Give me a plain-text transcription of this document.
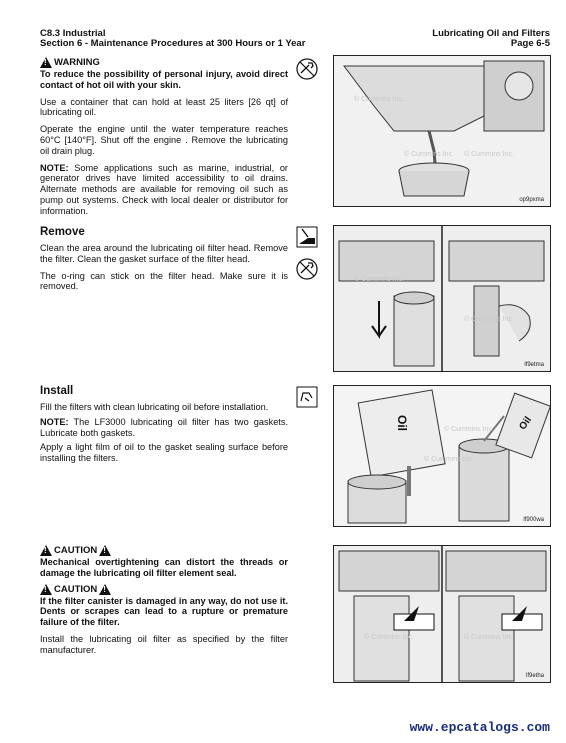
C8.3 Industrial
Section 6 - Maintenance Procedures at 300 Hours or 1 Year
Lubricating Oil and Filters
Page 6-5
!
WARNING
To reduce the possibility of personal injury, avoid direct contact of hot oil with your skin.
Use a container that can hold at least 25 liters [26 qt] of lubricating oil.
Operate the engine until the water temperature reaches 60°C [140°F]. Shut off the engine . Remove the lubricating oil drain plug.
NOTE: Some applications such as marine, industrial, or generator drives have limited accessibility to oil drains. Alternate methods are available for removing oil such as pump out systems. Check with local dealer or distributor for information.
© Cummins Inc.
© Cummins Inc. © Cummins Inc.
op9pxma
Remove
Clean the area around the lubricating oil filter head. Remove the filter. Clean the gasket surface of the filter head.
The o-ring can stick on the filter head. Make sure it is removed.
© Cummins Inc.
© Cummins Inc.
lf9etma
Install
Fill the filters with clean lubricating oil before installation.
NOTE: The LF3000 lubricating oil filter has two gaskets. Lubricate both gaskets.
Apply a light film of oil to the gasket sealing surface before installing the filters.
Oil	Oil
© Cummins Inc.
© Cummins Inc.
lf900wa
!
CAUTION
!
Mechanical overtightening can distort the threads or damage the lubricating oil filter element seal.
!
CAUTION
!
If the filter canister is damaged in any way, do not use it. Dents or scrapes can lead to a rupture or premature failure of the filter.
Install the lubricating oil filter as specified by the filter manufacturer.
© Cummins Inc.	© Cummins Inc.
lf9etha
www.epcatalogs.com
